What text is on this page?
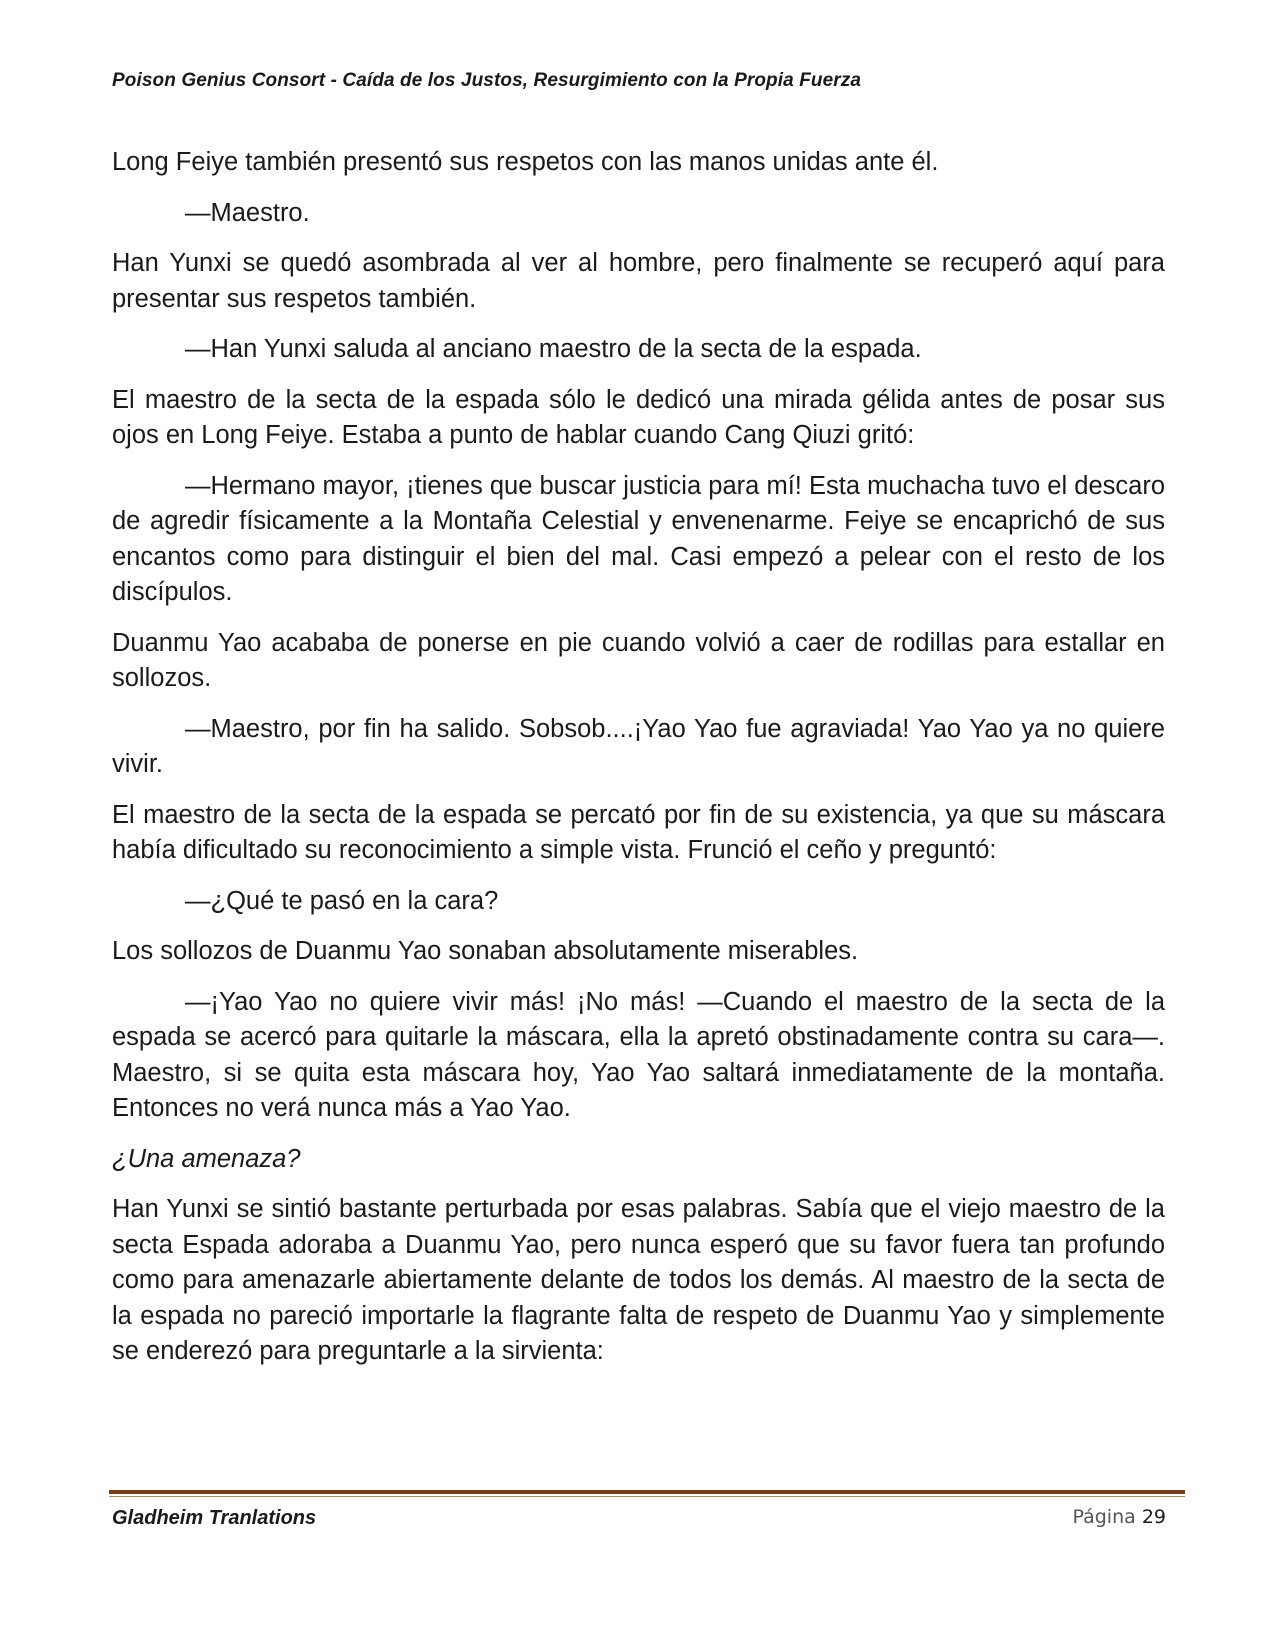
Poison Genius Consort - Caída de los Justos, Resurgimiento con la Propia Fuerza

Long Feiye también presentó sus respetos con las manos unidas ante él.

—Maestro.

Han Yunxi se quedó asombrada al ver al hombre, pero finalmente se recuperó aquí para presentar sus respetos también.

—Han Yunxi saluda al anciano maestro de la secta de la espada.

El maestro de la secta de la espada sólo le dedicó una mirada gélida antes de posar sus ojos en Long Feiye. Estaba a punto de hablar cuando Cang Qiuzi gritó:

—Hermano mayor, ¡tienes que buscar justicia para mí! Esta muchacha tuvo el descaro de agredir físicamente a la Montaña Celestial y envenenarme. Feiye se encaprichó de sus encantos como para distinguir el bien del mal. Casi empezó a pelear con el resto de los discípulos.

Duanmu Yao acababa de ponerse en pie cuando volvió a caer de rodillas para estallar en sollozos.

—Maestro, por fin ha salido. Sobsob....¡Yao Yao fue agraviada! Yao Yao ya no quiere vivir.

El maestro de la secta de la espada se percató por fin de su existencia, ya que su máscara había dificultado su reconocimiento a simple vista. Frunció el ceño y preguntó:

—¿Qué te pasó en la cara?

Los sollozos de Duanmu Yao sonaban absolutamente miserables.

—¡Yao Yao no quiere vivir más! ¡No más! —Cuando el maestro de la secta de la espada se acercó para quitarle la máscara, ella la apretó obstinadamente contra su cara—. Maestro, si se quita esta máscara hoy, Yao Yao saltará inmediatamente de la montaña. Entonces no verá nunca más a Yao Yao.

¿Una amenaza?

Han Yunxi se sintió bastante perturbada por esas palabras. Sabía que el viejo maestro de la secta Espada adoraba a Duanmu Yao, pero nunca esperó que su favor fuera tan profundo como para amenazarle abiertamente delante de todos los demás. Al maestro de la secta de la espada no pareció importarle la flagrante falta de respeto de Duanmu Yao y simplemente se enderezó para preguntarle a la sirvienta:

Gladheim Tranlations	Página 29
